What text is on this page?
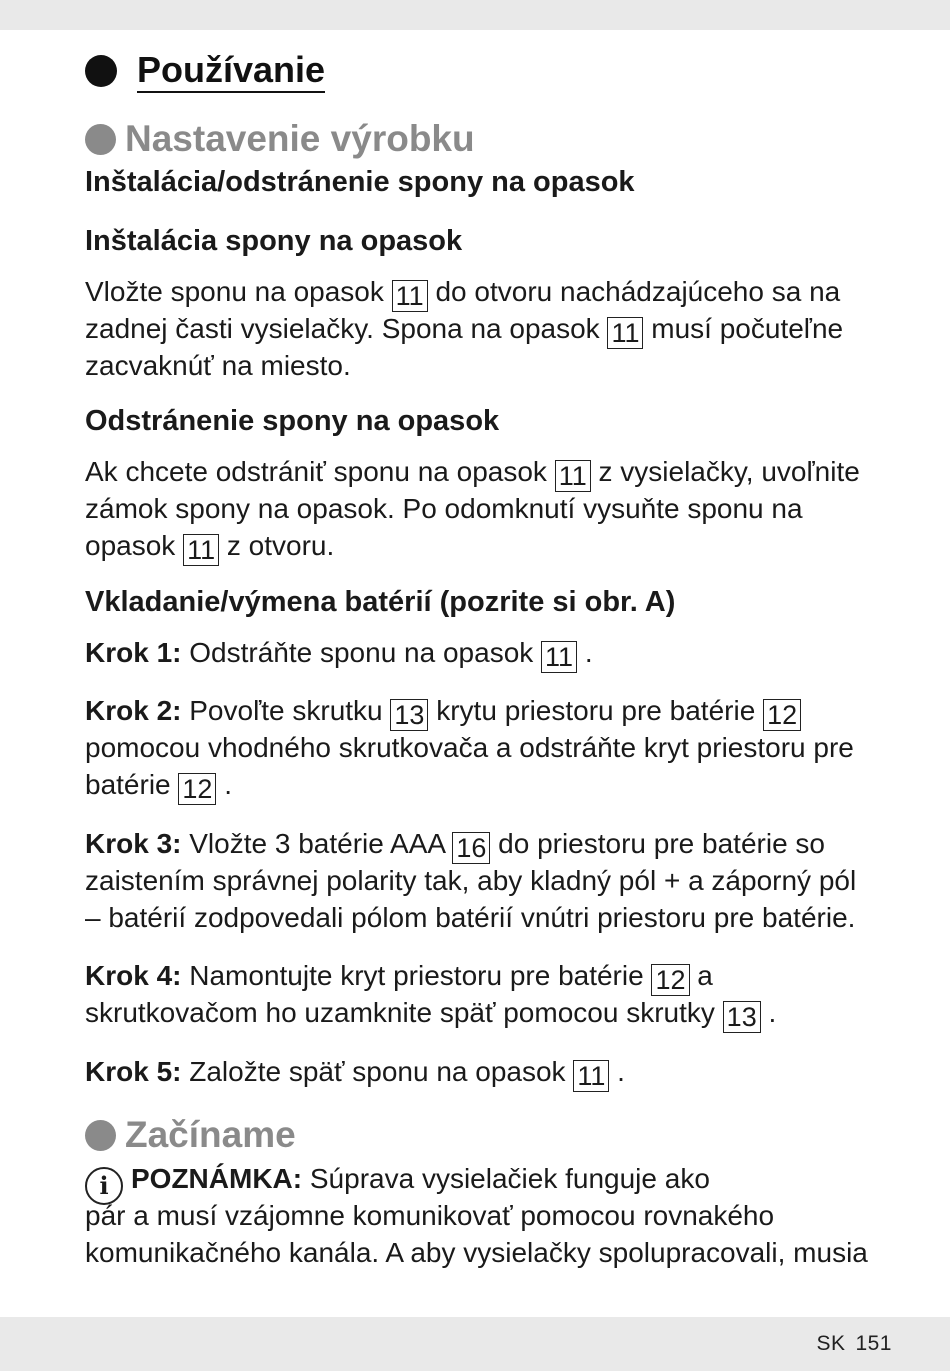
Používanie
Nastavenie výrobku
Inštalácia/odstránenie spony na opasok
Inštalácia spony na opasok
Vložte sponu na opasok 11 do otvoru nachádzajúceho sa na
zadnej časti vysielačky. Spona na opasok 11 musí počuteľne
zacvaknúť na miesto.
Odstránenie spony na opasok
Ak chcete odstrániť sponu na opasok 11 z vysielačky, uvoľnite
zámok spony na opasok. Po odomknutí vysuňte sponu na
opasok 11 z otvoru.
Vkladanie/výmena batérií (pozrite si obr. A)
Krok 1: Odstráňte sponu na opasok 11 .
Krok 2: Povoľte skrutku 13 krytu priestoru pre batérie 12
pomocou vhodného skrutkovača a odstráňte kryt priestoru pre
batérie 12 .
Krok 3: Vložte 3 batérie AAA 16 do priestoru pre batérie so
zaistením správnej polarity tak, aby kladný pól + a záporný pól
– batérií zodpovedali pólom batérií vnútri priestoru pre batérie.
Krok 4: Namontujte kryt priestoru pre batérie 12 a
skrutkovačom ho uzamknite späť pomocou skrutky 13 .
Krok 5: Založte späť sponu na opasok 11 .
Začíname
i POZNÁMKA: Súprava vysielačiek funguje ako
pár a musí vzájomne komunikovať pomocou rovnakého
komunikačného kanála. A aby vysielačky spolupracovali, musia
SK 151
